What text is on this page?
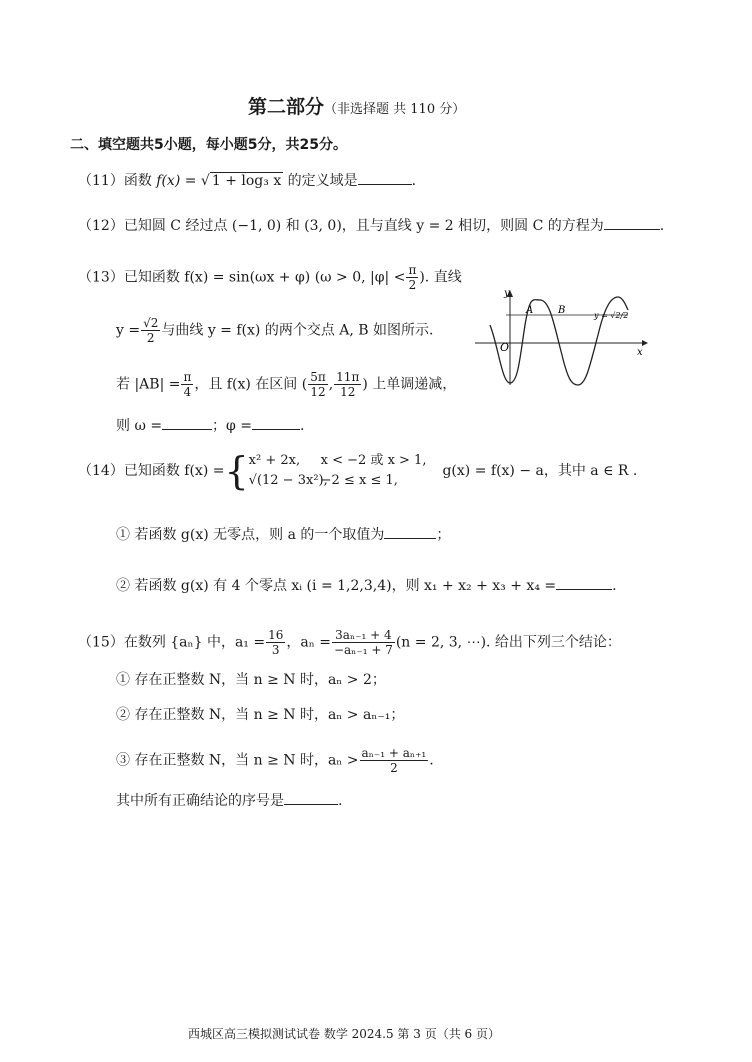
第二部分（非选择题 共 110 分）
二、填空题共5小题，每小题5分，共25分。
（11）函数 f(x) = √ 1 + log₃ x 的定义域是	.
（12）已知圆 C 经过点 (−1, 0) 和 (3, 0)，且与直线 y = 2 相切，则圆 C 的方程为	.
（13）已知函数 f(x) = sin(ωx + φ) (ω > 0, $|\varphi| < \frac{\pi}{2}$ ). 直线
$y = \frac{√2}{2}$ 与曲线 y = f(x) 的两个交点 A, B 如图所示.
若 $|AB| = \frac{\pi}{4}$ ，且 f(x) 在区间 ( $\frac{5\pi}{12}$ , $\frac{11\pi}{12}$ ) 上单调递减，
则 ω =	；φ =	.
y
x
O
A B	y = √2/2
（14） 已知函数 f(x) = { x² + 2x, x < −2 或 x > 1,
√(12 − 3x²),−2 ≤ x ≤ 1,
g(x) = f(x) − a，其中 a ∈ R .
① 若函数 g(x) 无零点，则 a 的一个取值为	；
② 若函数 g(x) 有 4 个零点 xᵢ (i = 1,2,3,4)，则 x₁ + x₂ + x₃ + x₄ =	.
（15）在数列 {aₙ} 中，$a_1 = \frac{16}{3}$ ，$a_n = \frac{\text{3aₙ₋₁ + 4}}{\text{−aₙ₋₁ + 7}} (n = 2$, 3, ⋯). 给出下列三个结论：
① 存在正整数 N，当 n ≥ N 时，aₙ > 2；
② 存在正整数 N，当 n ≥ N 时，aₙ > aₙ₋₁；
③ 存在正整数 N，当 n ≥ N 时，$a_n > \frac{\text{aₙ₋₁ + aₙ₊₁}}{2}$ .
其中所有正确结论的序号是	.
西城区高三模拟测试试卷 数学 2024.5 第 3 页（共 6 页）
